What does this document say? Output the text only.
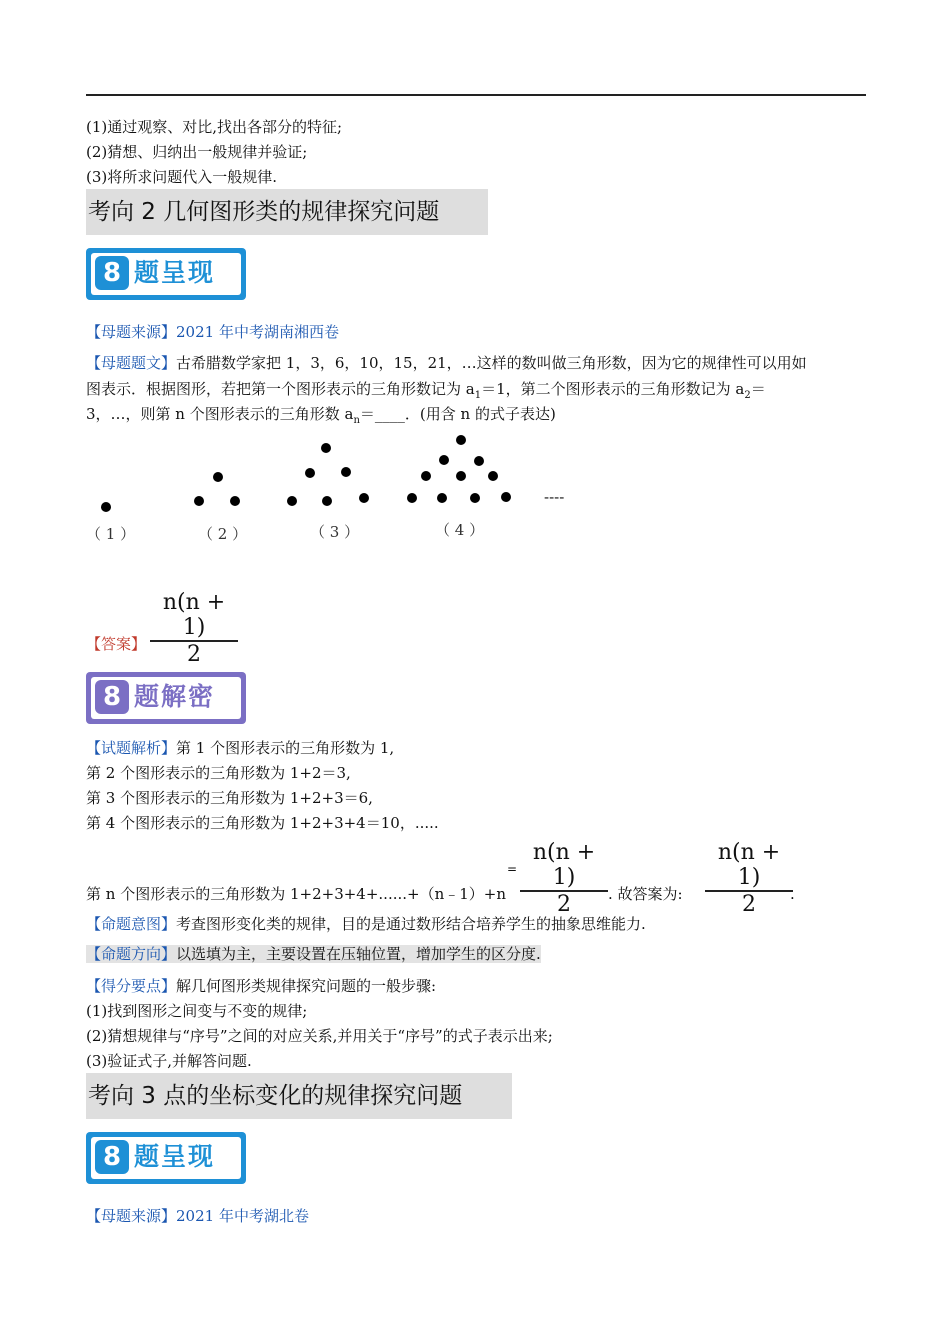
(1)通过观察、对比,找出各部分的特征;
(2)猜想、归纳出一般规律并验证;
(3)将所求问题代入一般规律.
考向 2 几何图形类的规律探究问题
8 题呈现
【母题来源】2021 年中考湖南湘西卷
【母题题文】古希腊数学家把 1，3，6，10，15，21，…这样的数叫做三角形数，因为它的规律性可以用如
图表示．根据图形，若把第一个图形表示的三角形数记为 $a_1=1$，第二个图形表示的三角形数记为 $a_2=$
3，…，则第 n 个图形表示的三角形数 $a_n=\_\_\_\_$．(用含 n 的式子表达)
----
（ 1 ）	（ 2 ）	（ 3 ）	（ 4 ）
n(n + 1)
2
【答案】
8 题解密
【试题解析】第 1 个图形表示的三角形数为 1,
第 2 个图形表示的三角形数为 1+2＝3,
第 3 个图形表示的三角形数为 1+2+3＝6,
第 4 个图形表示的三角形数为 1+2+3+4＝10，.....
=
n(n + 1)
2
n(n + 1)
2
第 n 个图形表示的三角形数为 1+2+3+4+......+（n﹣1）+n	. 故答案为:	.
【命题意图】考查图形变化类的规律，目的是通过数形结合培养学生的抽象思维能力.
【命题方向】以选填为主，主要设置在压轴位置，增加学生的区分度.
【得分要点】解几何图形类规律探究问题的一般步骤:
(1)找到图形之间变与不变的规律;
(2)猜想规律与“序号”之间的对应关系,并用关于“序号”的式子表示出来;
(3)验证式子,并解答问题.
考向 3 点的坐标变化的规律探究问题
8 题呈现
【母题来源】2021 年中考湖北卷
